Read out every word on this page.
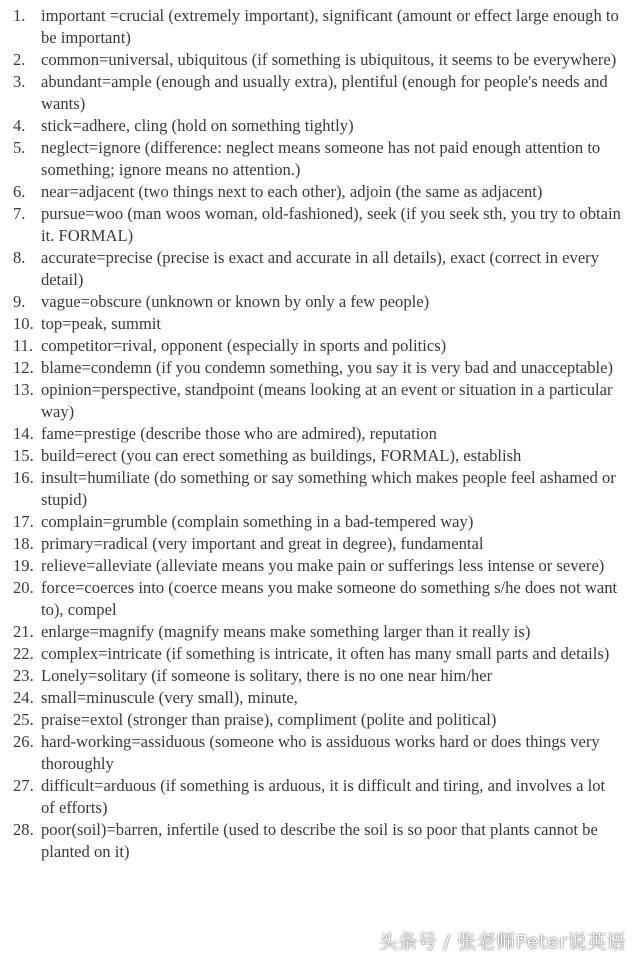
1. important =crucial (extremely important), significant (amount or effect large enough to be important)
2. common=universal, ubiquitous (if something is ubiquitous, it seems to be everywhere)
3. abundant=ample (enough and usually extra), plentiful (enough for people's needs and wants)
4. stick=adhere, cling (hold on something tightly)
5. neglect=ignore (difference: neglect means someone has not paid enough attention to something; ignore means no attention.)
6. near=adjacent (two things next to each other), adjoin (the same as adjacent)
7. pursue=woo (man woos woman, old-fashioned), seek (if you seek sth, you try to obtain it. FORMAL)
8. accurate=precise (precise is exact and accurate in all details), exact (correct in every detail)
9. vague=obscure (unknown or known by only a few people)
10. top=peak, summit
11. competitor=rival, opponent (especially in sports and politics)
12. blame=condemn (if you condemn something, you say it is very bad and unacceptable)
13. opinion=perspective, standpoint (means looking at an event or situation in a particular way)
14. fame=prestige (describe those who are admired), reputation
15. build=erect (you can erect something as buildings, FORMAL), establish
16. insult=humiliate (do something or say something which makes people feel ashamed or stupid)
17. complain=grumble (complain something in a bad-tempered way)
18. primary=radical (very important and great in degree), fundamental
19. relieve=alleviate (alleviate means you make pain or sufferings less intense or severe)
20. force=coerces into (coerce means you make someone do something s/he does not want to), compel
21. enlarge=magnify (magnify means make something larger than it really is)
22. complex=intricate (if something is intricate, it often has many small parts and details)
23. Lonely=solitary (if someone is solitary, there is no one near him/her
24. small=minuscule (very small), minute,
25. praise=extol (stronger than praise), compliment (polite and political)
26. hard-working=assiduous (someone who is assiduous works hard or does things very thoroughly
27. difficult=arduous (if something is arduous, it is difficult and tiring, and involves a lot of efforts)
28. poor(soil)=barren, infertile (used to describe the soil is so poor that plants cannot be planted on it)
头条号 / 张老师Peter说英语
